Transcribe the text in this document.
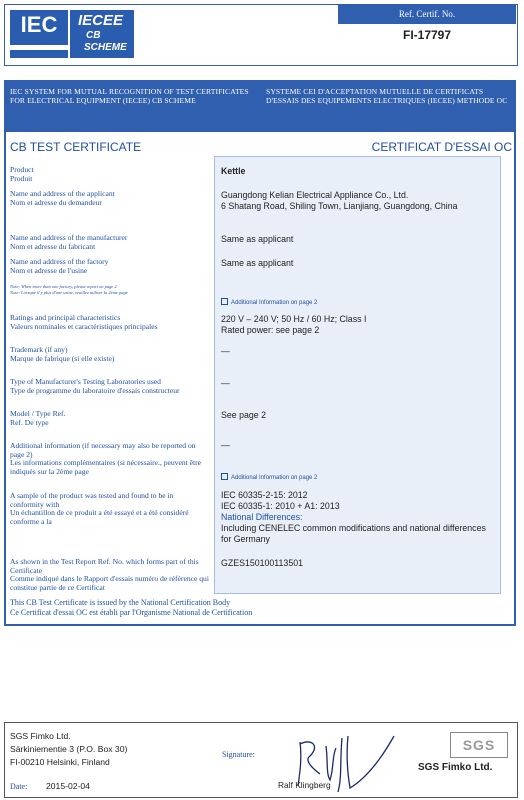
IEC	IECEE
CB
SCHEME
Ref. Certif. No.
FI-17797
IEC SYSTEM FOR MUTUAL RECOGNITION OF TEST CERTIFICATES FOR ELECTRICAL EQUIPMENT (IECEE) CB SCHEME
SYSTEME CEI D'ACCEPTATION MUTUELLE DE CERTIFICATS D'ESSAIS DES EQUIPEMENTS ELECTRIQUES (IECEE) METHODE OC
CB TEST CERTIFICATE	CERTIFICAT D'ESSAI OC
Product
Produit
Kettle
Name and address of the applicant
Nom et adresse du demandeur
Guangdong Kelian Electrical Appliance Co., Ltd.
6 Shatang Road, Shiling Town, Lianjiang, Guangdong, China
Name and address of the manufacturer
Nom et adresse du fabricant
Same as applicant
Name and address of the factory
Nom et adresse de l'usine
Same as applicant
Note: When more than one factory, please report on page 2
Note: Lorsque il y plus d'une usine, veuillez utiliser la 2ème page
Additional Information on page 2
Ratings and principal characteristics
Valeurs nominales et caractéristiques principales
220 V – 240 V; 50 Hz / 60 Hz; Class I
Rated power: see page 2
Trademark (if any)
Marque de fabrique (si elle existe)
—
Type of Manufacturer's Testing Laboratories used
Type de programme du laboratoire d'essais constructeur
—
Model / Type Ref.
Ref. De type
See page 2
Additional information (if necessary may also be reported on page 2)
Les informations complémentaires (si nécessaire., peuvent être indiqués sur la 2ème page
—
Additional Information on page 2
A sample of the product was tested and found to be in conformity with
Un échantillon de ce produit a été essayé et a été considéré conforme a la
IEC 60335-2-15: 2012
IEC 60335-1: 2010 + A1: 2013
National Differences:
Including CENELEC common modifications and national differences for Germany
As shown in the Test Report Ref. No. which forms part of this Certificate
Comme indiqué dans le Rapport d'essais numéro de référence qui constitue partie de ce Certificat
GZES150100113501
This CB Test Certificate is issued by the National Certification Body
Ce Certificat d'essai OC est établi par l'Organisme National de Certification
SGS Fimko Ltd.
Särkiniementie 3 (P.O. Box 30)
FI-00210 Helsinki, Finland
Date: 2015-02-04
Signature:
Ralf Klingberg
SGS
SGS Fimko Ltd.
